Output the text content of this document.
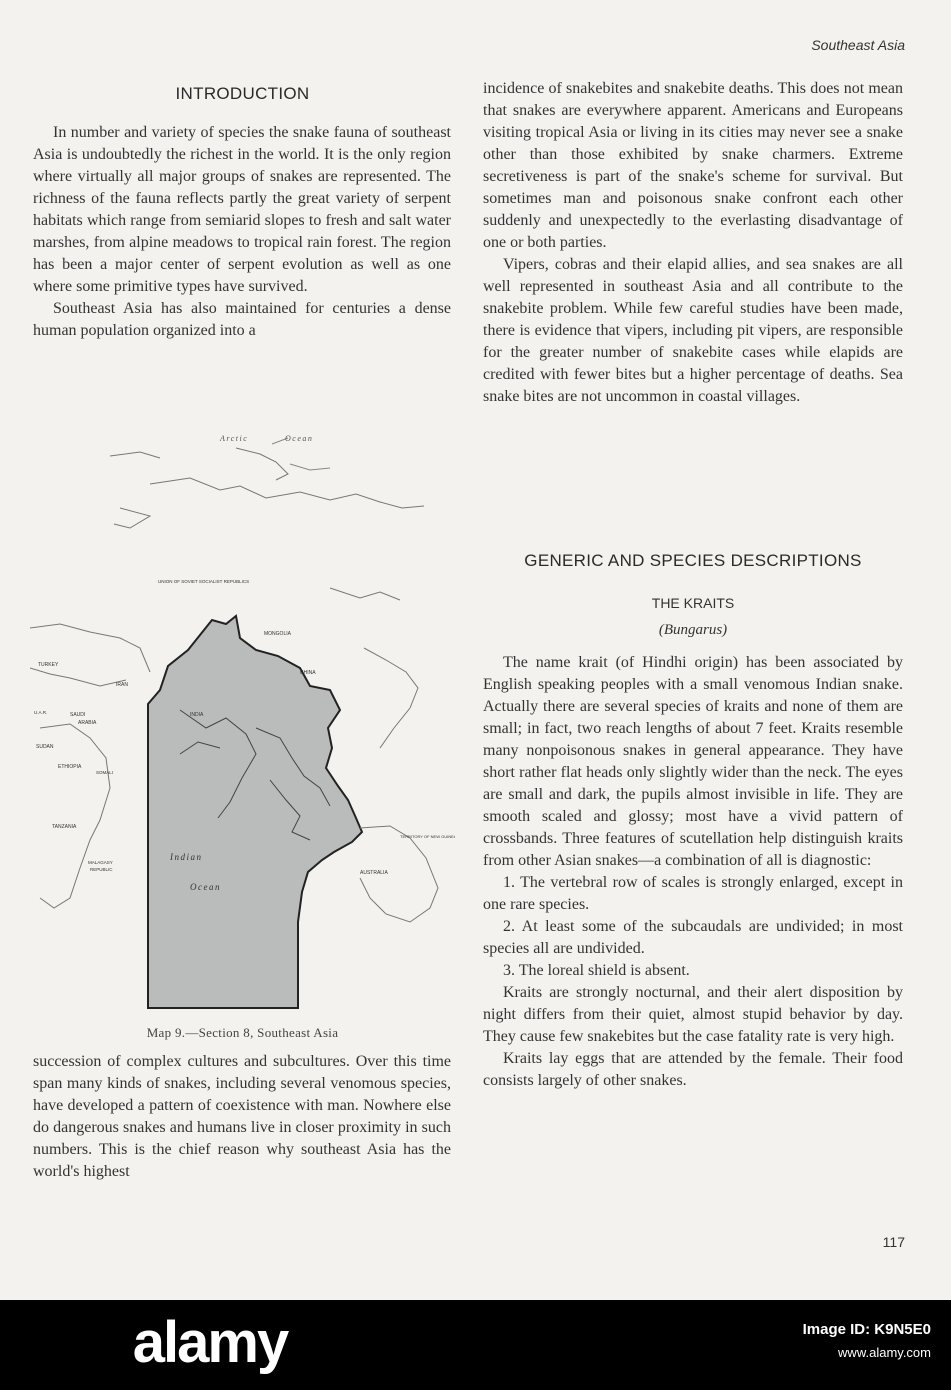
Southeast Asia
INTRODUCTION

In number and variety of species the snake fauna of southeast Asia is undoubtedly the richest in the world. It is the only region where virtually all major groups of snakes are represented. The richness of the fauna reflects partly the great variety of serpent habitats which range from semiarid slopes to fresh and salt water marshes, from alpine meadows to tropical rain forest. The region has been a major center of serpent evolution as well as one where some primitive types have survived.

Southeast Asia has also maintained for centuries a dense human population organized into a

Arctic	Ocean
UNION OF SOVIET SOCIALIST REPUBLICS
MONGOLIA
CHINA
INDIA
TURKEY
IRAN
SAUDI
ARABIA
U.A.R.
SUDAN
ETHIOPIA
SOMALI
TANZANIA
MALAGASY
REPUBLIC
Indian
Ocean
AUSTRALIA
TERRITORY OF NEW GUINEA
Map 9.—Section 8, Southeast Asia

succession of complex cultures and subcultures. Over this time span many kinds of snakes, including several venomous species, have developed a pattern of coexistence with man. Nowhere else do dangerous snakes and humans live in closer proximity in such numbers. This is the chief reason why southeast Asia has the world's highest

incidence of snakebites and snakebite deaths. This does not mean that snakes are everywhere apparent. Americans and Europeans visiting tropical Asia or living in its cities may never see a snake other than those exhibited by snake charmers. Extreme secretiveness is part of the snake's scheme for survival. But sometimes man and poisonous snake confront each other suddenly and unexpectedly to the everlasting disadvantage of one or both parties.

Vipers, cobras and their elapid allies, and sea snakes are all well represented in southeast Asia and all contribute to the snakebite problem. While few careful studies have been made, there is evidence that vipers, including pit vipers, are responsible for the greater number of snakebite cases while elapids are credited with fewer bites but a higher percentage of deaths. Sea snake bites are not uncommon in coastal villages.

GENERIC AND SPECIES DESCRIPTIONS
THE KRAITS
(Bungarus)

The name krait (of Hindhi origin) has been associated by English speaking peoples with a small venomous Indian snake. Actually there are several species of kraits and none of them are small; in fact, two reach lengths of about 7 feet. Kraits resemble many nonpoisonous snakes in general appearance. They have short rather flat heads only slightly wider than the neck. The eyes are small and dark, the pupils almost invisible in life. They are smooth scaled and glossy; most have a vivid pattern of crossbands. Three features of scutellation help distinguish kraits from other Asian snakes—a combination of all is diagnostic:

1. The vertebral row of scales is strongly enlarged, except in one rare species.

2. At least some of the subcaudals are undivided; in most species all are undivided.

3. The loreal shield is absent.

Kraits are strongly nocturnal, and their alert disposition by night differs from their quiet, almost stupid behavior by day. They cause few snakebites but the case fatality rate is very high.

Kraits lay eggs that are attended by the female. Their food consists largely of other snakes.

117
alamy	Image ID: K9N5E0
www.alamy.com
